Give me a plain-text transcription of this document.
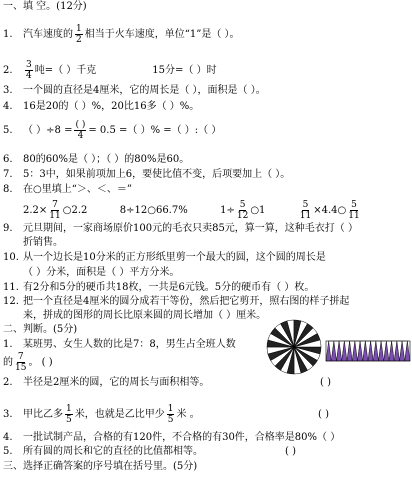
一、填 空。(12分)
1. 汽车速度的 $\frac{1}{2}$ 相当于火车速度，单位“1”是（ ）。
2. $\frac{3}{4}$ 吨=（ ）千克	15分=（ ）时
3. 一个圆的直径是4厘米，它的周长是（ ），面积是（ ）。
4. 16是20的（ ）%，20比16多（ ）%。
5. （ ）$\div 8 = \frac{( )}{4} = 0.5$ =（ ）% =（ ）:（ ）
6. 80的60%是（ ）；（ ）的80%是60。
7. 5：3中，如果前项加上6，要使比值不变，后项要加上（ ）。
8. 在○里填上“＞、＜、＝”
$2.2\times \frac{7}{11}$ ○2.2	8÷12○66.7%	$1\div \frac{5}{12}$ ○1	$\frac{5}{11}$ ×4.4○ $\frac{5}{11}$
9. 元旦期间，一家商场原价100元的毛衣只卖85元，算一算，这种毛衣打（ ）
折销售。
10. 从一个边长是10分米的正方形纸里剪一个最大的圆，这个圆的周长是
（ ）分米，面积是（ ）平方分米。
11. 有2分和5分的硬币共18枚，一共是6元钱。5分的硬币有（ ）枚。
12. 把一个直径是4厘米的圆分成若干等份，然后把它剪开，照右图的样子拼起
来，拼成的图形的周长比原来圆的周长增加（ ）厘米。
二、判断。(5分)
1. 某班男、女生人数的比是7：8，男生占全班人数
的 $\frac{7}{15}$ 。 ( )
2. 半径是2厘米的圆，它的周长与面积相等。	( )
3. 甲比乙多 $\frac{1}{5}$ 米，也就是乙比甲少 $\frac{1}{5}$ 米 。	( )
4. 一批试制产品，合格的有120件，不合格的有30件，合格率是80%（ ）
5. 所有圆的周长和它的直径的比值都相等。	( )
三、选择正确答案的序号填在括号里。(5分)
